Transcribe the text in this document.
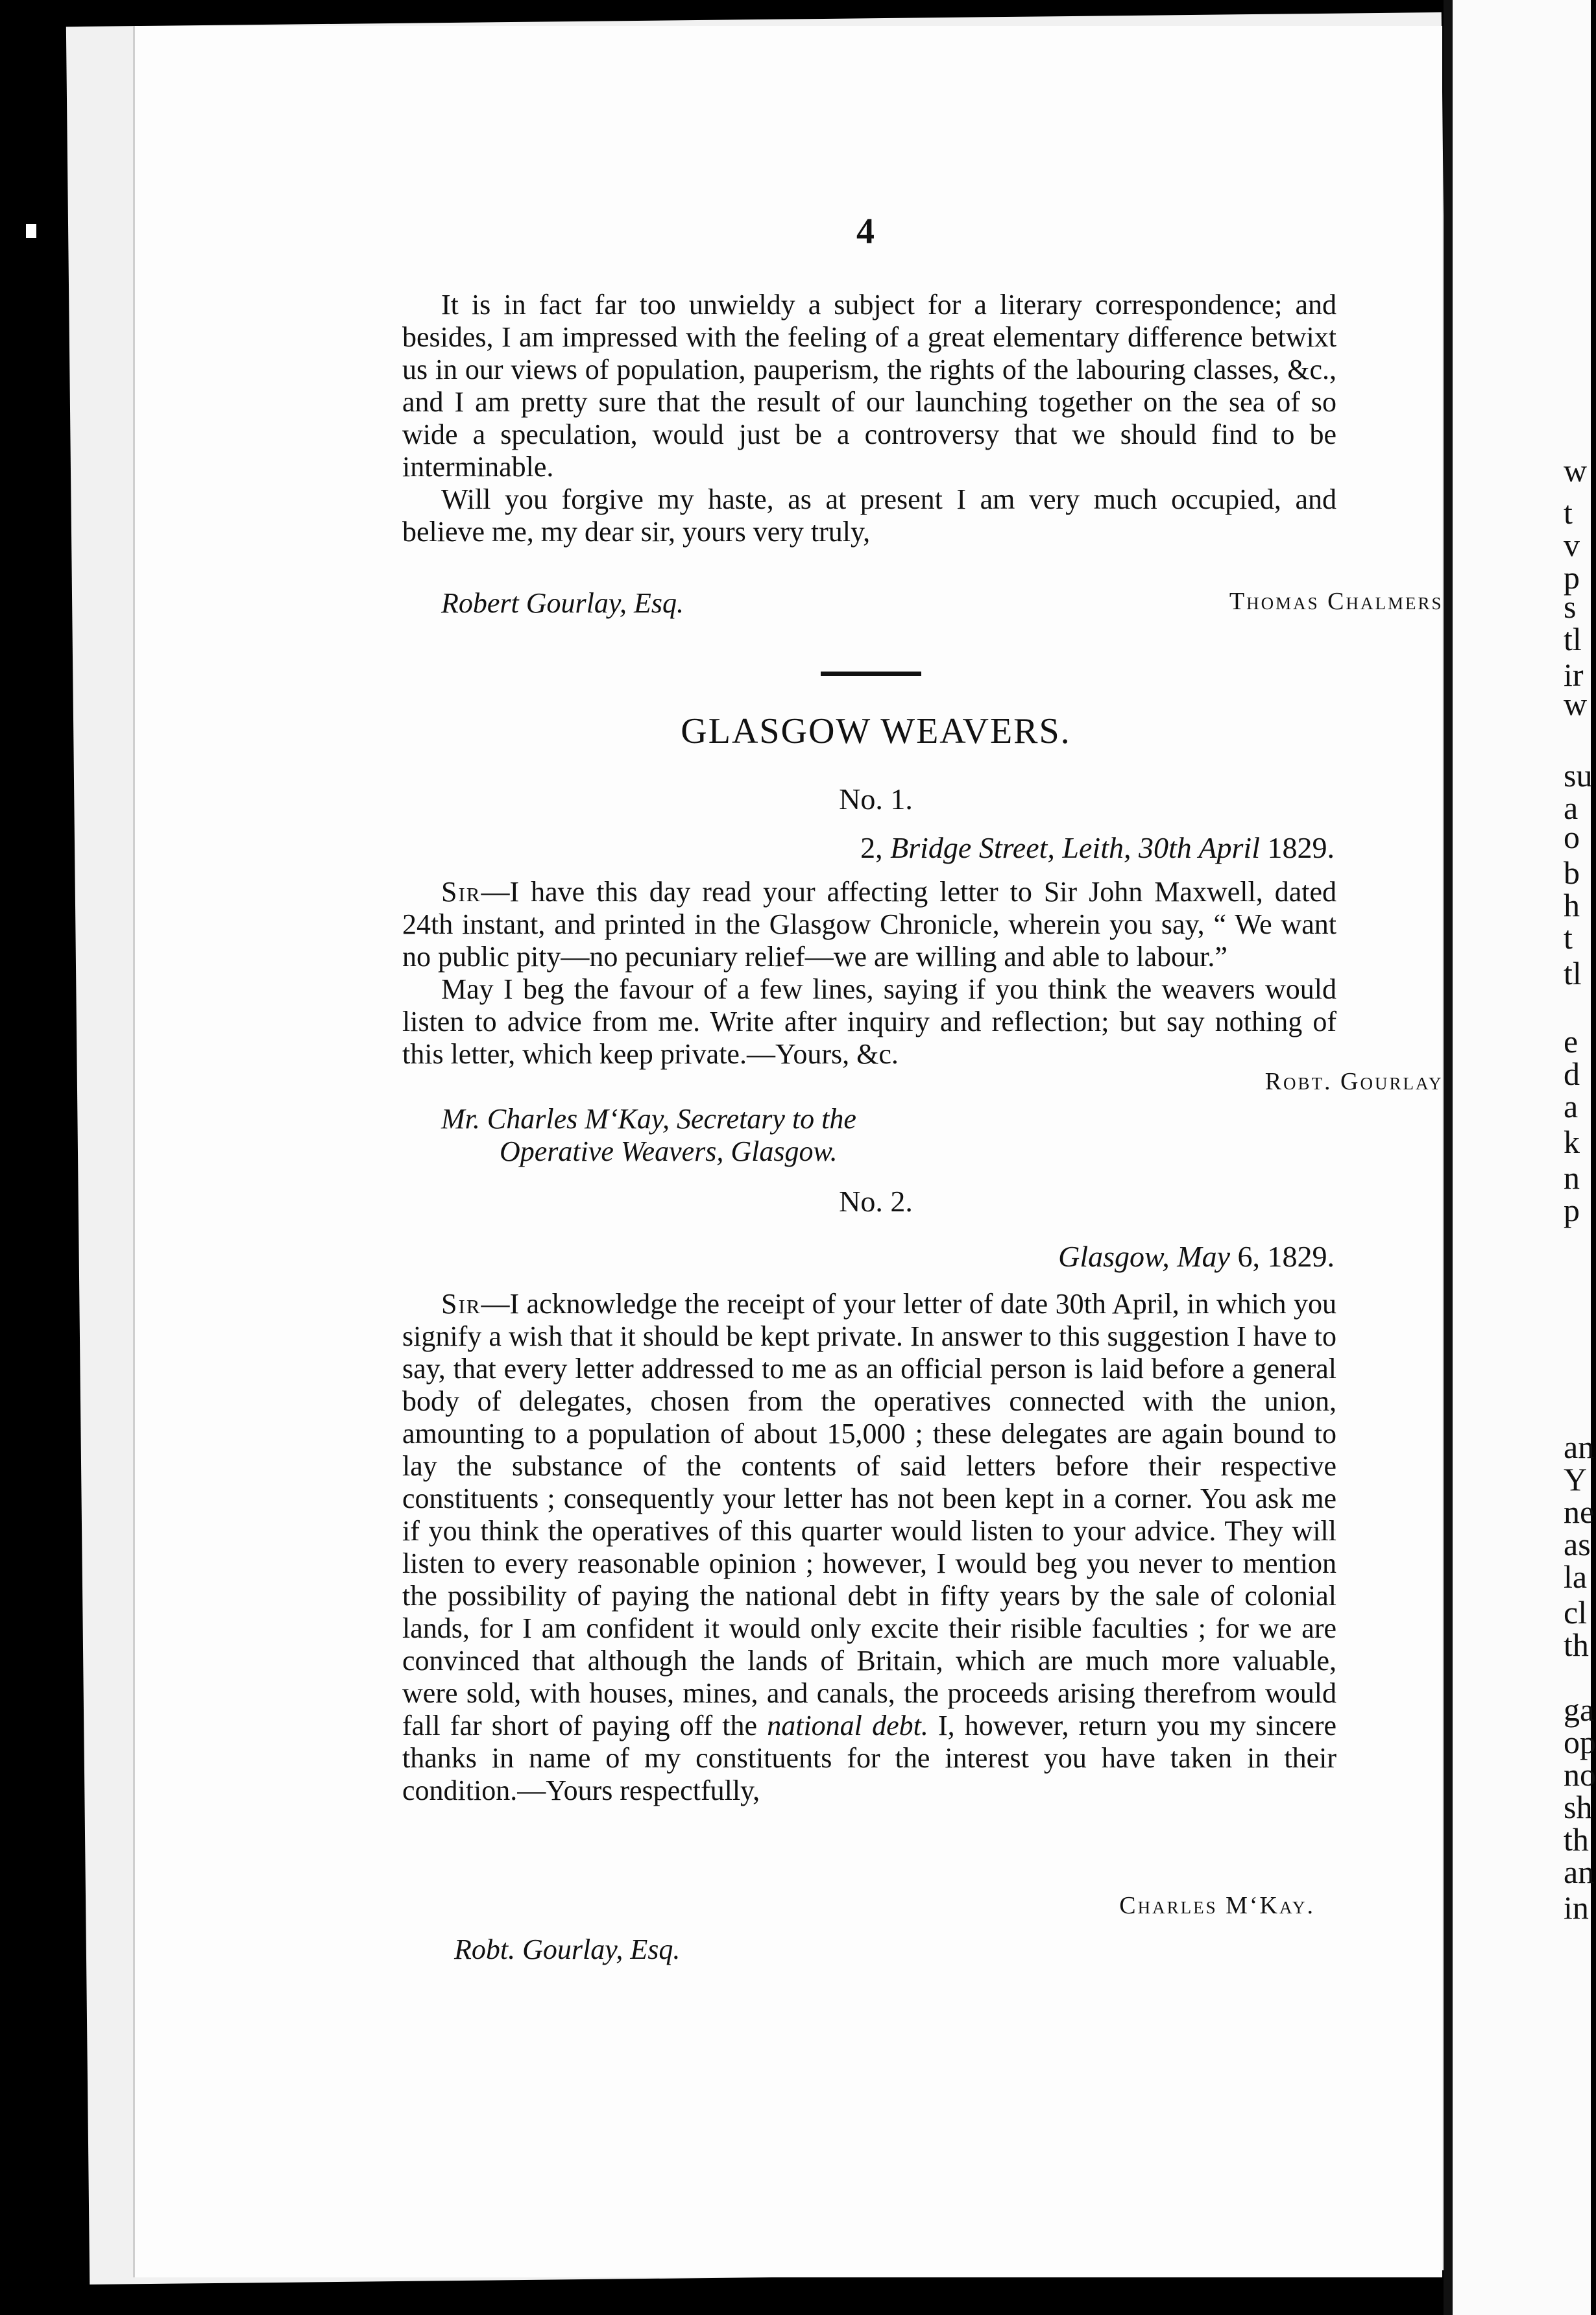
w
t
v
p
s
tl
ir
w
su
a
o
b
h
t
tl
e
d
a
k
n
p
an
Y
ne
as
la
cl
th
ga
op
no
sh
th
an
in
4

It is in fact far too unwieldy a subject for a literary correspondence; and besides, I am impressed with the feeling of a great elementary difference betwixt us in our views of population, pauperism, the rights of the labouring classes, &c., and I am pretty sure that the result of our launching together on the sea of so wide a speculation, would just be a controversy that we should find to be interminable.

Will you forgive my haste, as at present I am very much occupied, and believe me, my dear sir, yours very truly,

Thomas Chalmers.
Robert Gourlay, Esq.
GLASGOW WEAVERS.
No. 1.
2, Bridge Street, Leith, 30th April 1829.

Sir—I have this day read your affecting letter to Sir John Maxwell, dated 24th instant, and printed in the Glasgow Chronicle, wherein you say, “ We want no public pity—no pecuniary relief—we are willing and able to labour.”

May I beg the favour of a few lines, saying if you think the weavers would listen to advice from me. Write after inquiry and reflection; but say nothing of this letter, which keep private.—Yours, &c.

Robt. Gourlay.
Mr. Charles M‘Kay, Secretary to the
Operative Weavers, Glasgow.
No. 2.
Glasgow, May 6, 1829.

Sir—I acknowledge the receipt of your letter of date 30th April, in which you signify a wish that it should be kept private. In answer to this suggestion I have to say, that every letter addressed to me as an official person is laid before a general body of delegates, chosen from the operatives connected with the union, amounting to a population of about 15,000 ; these delegates are again bound to lay the substance of the contents of said letters before their respective constituents ; consequently your letter has not been kept in a corner. You ask me if you think the operatives of this quarter would listen to your advice. They will listen to every reasonable opinion ; however, I would beg you never to mention the possibility of paying the national debt in fifty years by the sale of colonial lands, for I am confident it would only excite their risible faculties ; for we are convinced that although the lands of Britain, which are much more valuable, were sold, with houses, mines, and canals, the proceeds arising therefrom would fall far short of paying off the national debt. I, however, return you my sincere thanks in name of my constituents for the interest you have taken in their condition.—Yours respectfully,

Charles M‘Kay.
Robt. Gourlay, Esq.
